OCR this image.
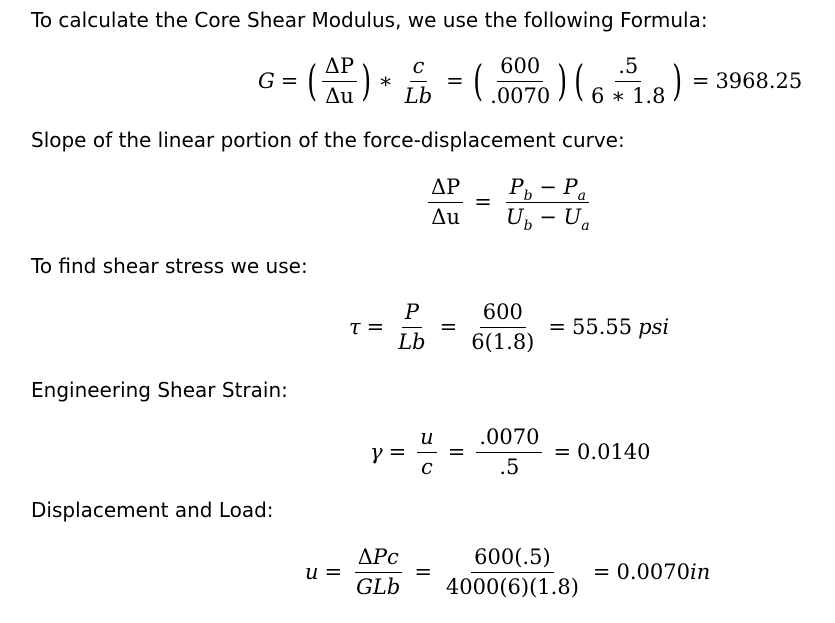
To calculate the Core Shear Modulus, we use the following Formula:
G = ( $\frac{\Delta P}{\Delta u}$ ) ∗ $\frac{c}{Lb}$ = ( $\frac{600}{.0070}$ ) ( $\frac{.5}{6 ∗ 1.8}$ ) = 3968.25
Slope of the linear portion of the force-displacement curve:
$\frac{\Delta P}{\Delta u} = \frac{P_b - P_a}{U_b - U_a}$
To find shear stress we use:
$\tau = \frac{P}{Lb} = \frac{600}{6(1.8)} = 55.55$ psi
Engineering Shear Strain:
$\gamma = \frac{u}{c} = \frac{.0070}{.5} = 0.0140$
Displacement and Load:
$u = \frac{\text{ΔPc}}{\text{GLb}} = \frac{600(.5)}{4000(6)(1.8)} = 0.0070$ in
